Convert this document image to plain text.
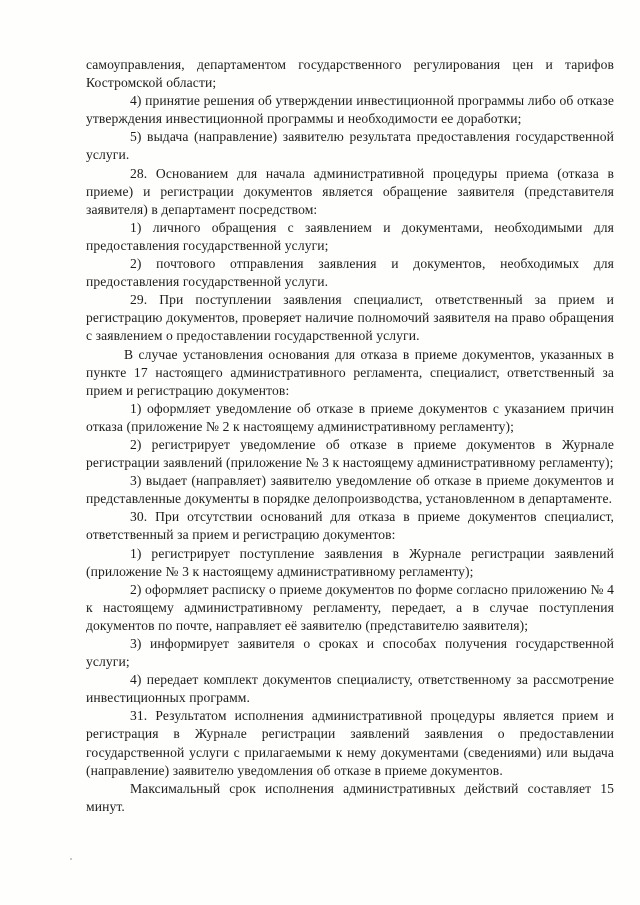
самоуправления, департаментом государственного регулирования цен и тарифов Костромской области;

4) принятие решения об утверждении инвестиционной программы либо об отказе утверждения инвестиционной программы и необходимости ее доработки;

5) выдача (направление) заявителю результата предоставления государственной услуги.

28. Основанием для начала административной процедуры приема (отказа в приеме) и регистрации документов является обращение заявителя (представителя заявителя) в департамент посредством:

1) личного обращения с заявлением и документами, необходимыми для предоставления государственной услуги;

2) почтового отправления заявления и документов, необходимых для предоставления государственной услуги.

29. При поступлении заявления специалист, ответственный за прием и регистрацию документов, проверяет наличие полномочий заявителя на право обращения с заявлением о предоставлении государственной услуги.

В случае установления основания для отказа в приеме документов, указанных в пункте 17 настоящего административного регламента, специалист, ответственный за прием и регистрацию документов:

1) оформляет уведомление об отказе в приеме документов с указанием причин отказа (приложение № 2 к настоящему административному регламенту);

2) регистрирует уведомление об отказе в приеме документов в Журнале регистрации заявлений (приложение № 3 к настоящему административному регламенту);

3) выдает (направляет) заявителю уведомление об отказе в приеме документов и представленные документы в порядке делопроизводства, установленном в департаменте.

30. При отсутствии оснований для отказа в приеме документов специалист, ответственный за прием и регистрацию документов:

1) регистрирует поступление заявления в Журнале регистрации заявлений (приложение № 3 к настоящему административному регламенту);

2) оформляет расписку о приеме документов по форме согласно приложению № 4 к настоящему административному регламенту, передает, а в случае поступления документов по почте, направляет её заявителю (представителю заявителя);

3) информирует заявителя о сроках и способах получения государственной услуги;

4) передает комплект документов специалисту, ответственному за рассмотрение инвестиционных программ.

31. Результатом исполнения административной процедуры является прием и регистрация в Журнале регистрации заявлений заявления о предоставлении государственной услуги с прилагаемыми к нему документами (сведениями) или выдача (направление) заявителю уведомления об отказе в приеме документов.

Максимальный срок исполнения административных действий составляет 15 минут.
